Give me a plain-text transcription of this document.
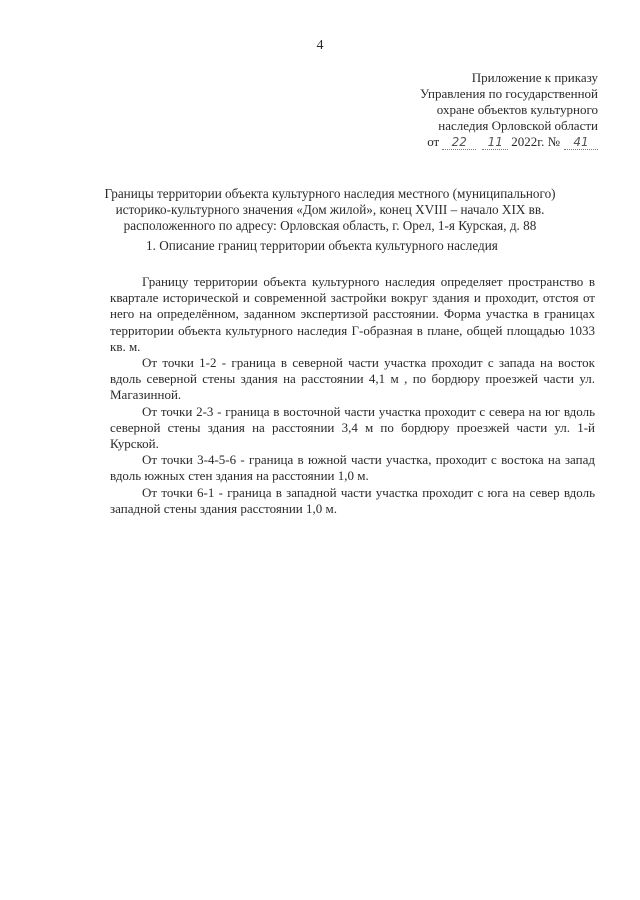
4
Приложение к приказу
Управления по государственной
охране объектов культурного
наследия Орловской области
от	22	11 2022г.
№	41
Границы территории объекта культурного наследия местного (муниципального)
историко-культурного значения «Дом жилой», конец XVIII – начало XIX вв.
расположенного по адресу: Орловская область, г. Орел, 1-я Курская, д. 88
1. Описание границ территории объекта культурного наследия

Границу территории объекта культурного наследия определяет пространство в квартале исторической и современной застройки вокруг здания и проходит, отстоя от него на определённом, заданном экспертизой расстоянии. Форма участка в границах территории объекта культурного наследия Г-образная в плане, общей площадью 1033 кв. м.

От точки 1-2 - граница в северной части участка проходит с запада на восток вдоль северной стены здания на расстоянии 4,1 м , по бордюру проезжей части ул. Магазинной.

От точки 2-3 - граница в восточной части участка проходит с севера на юг вдоль северной стены здания на расстоянии 3,4 м по бордюру проезжей части ул. 1-й Курской.

От точки 3-4-5-6 - граница в южной части участка, проходит с востока на запад вдоль южных стен здания на расстоянии 1,0 м.

От точки 6-1 - граница в западной части участка проходит с юга на север вдоль западной стены здания расстоянии 1,0 м.
